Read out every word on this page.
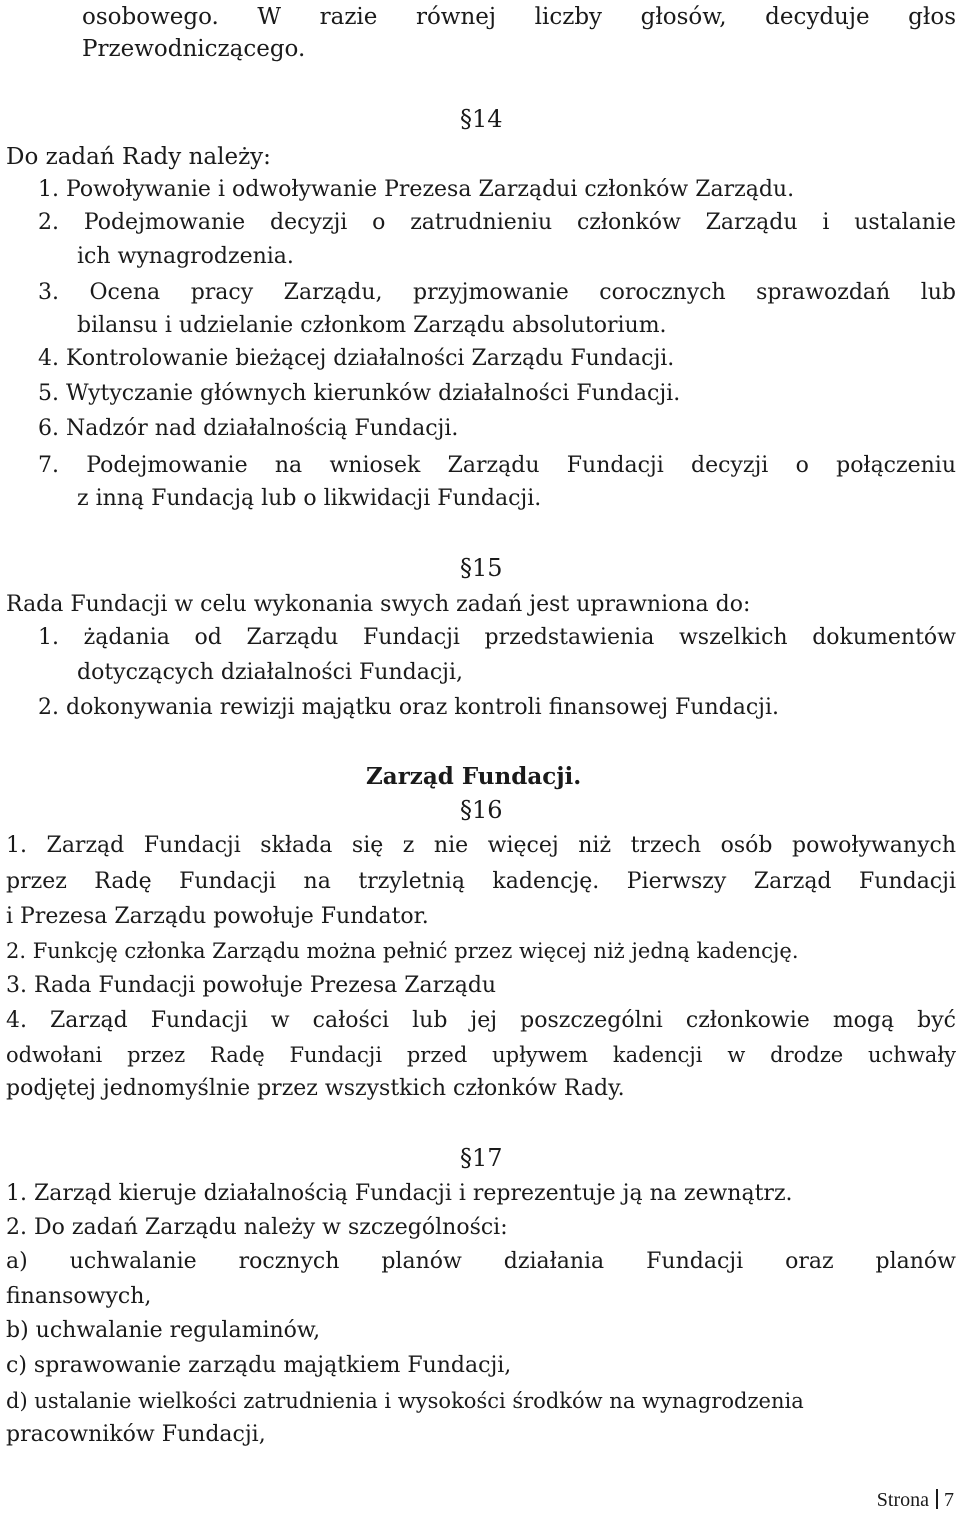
osobowego. W razie równej liczby głosów, decyduje głos
Przewodniczącego.
§ 14
Do zadań Rady należy:
1. Powoływanie i odwoływanie Prezesa Zarządui członków Zarządu.
2. Podejmowanie decyzji o zatrudnieniu członków Zarządu i ustalanie
ich wynagrodzenia.
3. Ocena pracy Zarządu, przyjmowanie corocznych sprawozdań lub
bilansu i udzielanie członkom Zarządu absolutorium.
4. Kontrolowanie bieżącej działalności Zarządu Fundacji.
5. Wytyczanie głównych kierunków działalności Fundacji.
6. Nadzór nad działalnością Fundacji.
7. Podejmowanie na wniosek Zarządu Fundacji decyzji o połączeniu
z inną Fundacją lub o likwidacji Fundacji.
§ 15
Rada Fundacji w celu wykonania swych zadań jest uprawniona do:
1. żądania od Zarządu Fundacji przedstawienia wszelkich dokumentów
dotyczących działalności Fundacji,
2. dokonywania rewizji majątku oraz kontroli finansowej Fundacji.
Zarząd Fundacji.
§ 16
1. Zarząd Fundacji składa się z nie więcej niż trzech osób powoływanych
przez Radę Fundacji na trzyletnią kadencję. Pierwszy Zarząd Fundacji
i Prezesa Zarządu powołuje Fundator.
2. Funkcję członka Zarządu można pełnić przez więcej niż jedną kadencję.
3. Rada Fundacji powołuje Prezesa Zarządu
4. Zarząd Fundacji w całości lub jej poszczególni członkowie mogą być
odwołani przez Radę Fundacji przed upływem kadencji w drodze uchwały
podjętej jednomyślnie przez wszystkich członków Rady.
§ 17
1. Zarząd kieruje działalnością Fundacji i reprezentuje ją na zewnątrz.
2. Do zadań Zarządu należy w szczególności:
a) uchwalanie rocznych planów działania Fundacji oraz planów
finansowych,
b) uchwalanie regulaminów,
c) sprawowanie zarządu majątkiem Fundacji,
d) ustalanie wielkości zatrudnienia i wysokości środków na wynagrodzenia
pracowników Fundacji,
Strona 7
